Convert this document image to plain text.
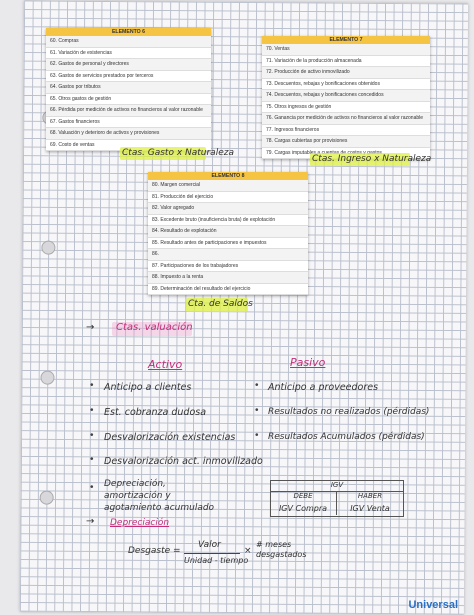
ELEMENTO 6
60. Compras
61. Variación de existencias
62. Gastos de personal y directores
63. Gastos de servicios prestados por terceros
64. Gastos por tributos
65. Otros gastos de gestión
66. Pérdida por medición de activos no financieros al valor razonable
67. Gastos financieros
68. Valuación y deterioro de activos y provisiones
69. Costo de ventas
ELEMENTO 7
70. Ventas
71. Variación de la producción almacenada
72. Producción de activo inmovilizado
73. Descuentos, rebajas y bonificaciones obtenidos
74. Descuentos, rebajas y bonificaciones concedidos
75. Otros ingresos de gestión
76. Ganancia por medición de activos no financieros al valor razonable
77. Ingresos financieros
78. Cargas cubiertas por provisiones
79. Cargas imputables
Ctas. Gasto x Naturaleza
Ctas. Ingreso x Naturaleza
ELEMENTO 8
80. Margen comercial
81. Producción del ejercicio
82. Valor agregado
83. Excedente bruto (insuficiencia bruta) de explotación
84. Resultado de explotación
85. Resultado antes de participaciones e impuestos
86.
87. Participaciones de los trabajadores
88. Impuesto a la renta
89. Determinación del resultado del ejercicio
Cta. de Saldos
→ Ctas. valuación
Activo	Pasivo
• Anticipo a clientes
• Est. cobranza dudosa
• Desvalorización existencias
• Desvalorización act. inmovilizado
• Depreciación, amortización y agotamiento acumulado
• Anticipo a proveedores
• Resultados no realizados (pérdidas)
• Resultados Acumulados (pérdidas)
IGV
DEBE	HABER
IGV Compra	IGV Venta
→ Depreciación
Desgaste =
Valor
Unidad - tiempo
×
# meses desgastados
Universal
